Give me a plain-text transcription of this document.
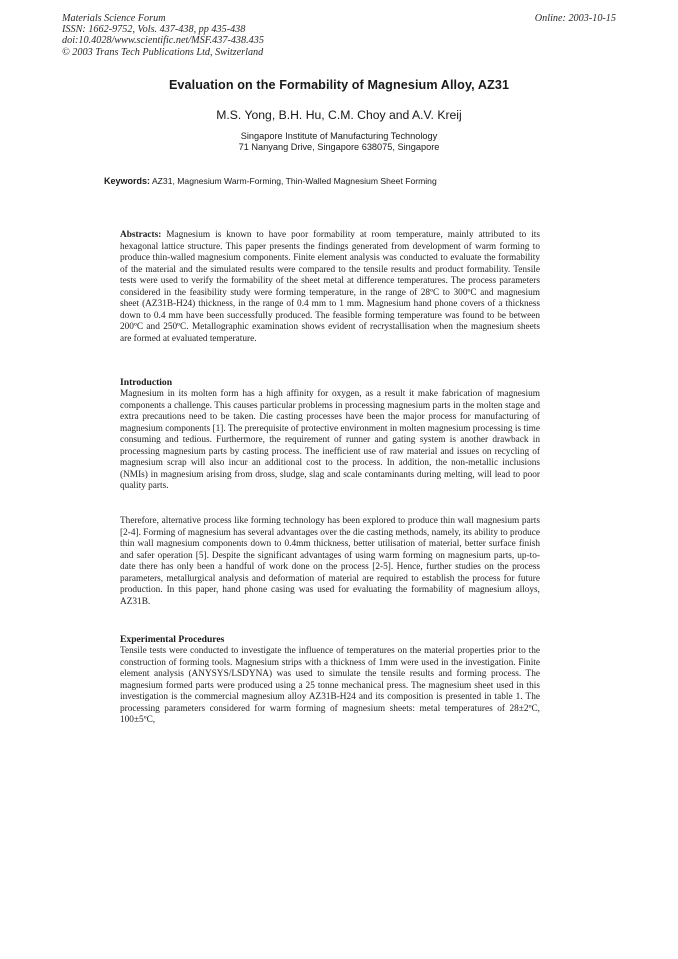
Materials Science Forum
ISSN: 1662-9752, Vols. 437-438, pp 435-438
doi:10.4028/www.scientific.net/MSF.437-438.435
© 2003 Trans Tech Publications Ltd, Switzerland
Online: 2003-10-15
Evaluation on the Formability of Magnesium Alloy, AZ31
M.S. Yong, B.H. Hu, C.M. Choy and A.V. Kreij
Singapore Institute of Manufacturing Technology
71 Nanyang Drive, Singapore 638075, Singapore
Keywords: AZ31, Magnesium Warm-Forming, Thin-Walled Magnesium Sheet Forming

Abstracts: Magnesium is known to have poor formability at room temperature, mainly attributed to its hexagonal lattice structure. This paper presents the findings generated from development of warm forming to produce thin-walled magnesium components. Finite element analysis was conducted to evaluate the formability of the material and the simulated results were compared to the tensile results and product formability. Tensile tests were used to verify the formability of the sheet metal at difference temperatures. The process parameters considered in the feasibility study were forming temperature, in the range of 28ºC to 300ºC and magnesium sheet (AZ31B-H24) thickness, in the range of 0.4 mm to 1 mm. Magnesium hand phone covers of a thickness down to 0.4 mm have been successfully produced. The feasible forming temperature was found to be between 200ºC and 250ºC. Metallographic examination shows evident of recrystallisation when the magnesium sheets are formed at evaluated temperature.

Introduction

Magnesium in its molten form has a high affinity for oxygen, as a result it make fabrication of magnesium components a challenge. This causes particular problems in processing magnesium parts in the molten stage and extra precautions need to be taken. Die casting processes have been the major process for manufacturing of magnesium components [1]. The prerequisite of protective environment in molten magnesium processing is time consuming and tedious. Furthermore, the requirement of runner and gating system is another drawback in processing magnesium parts by casting process. The inefficient use of raw material and issues on recycling of magnesium scrap will also incur an additional cost to the process. In addition, the non-metallic inclusions (NMIs) in magnesium arising from dross, sludge, slag and scale contaminants during melting, will lead to poor quality parts.

Therefore, alternative process like forming technology has been explored to produce thin wall magnesium parts [2-4]. Forming of magnesium has several advantages over the die casting methods, namely, its ability to produce thin wall magnesium components down to 0.4mm thickness, better utilisation of material, better surface finish and safer operation [5]. Despite the significant advantages of using warm forming on magnesium parts, up-to-date there has only been a handful of work done on the process [2-5]. Hence, further studies on the process parameters, metallurgical analysis and deformation of material are required to establish the process for future production. In this paper, hand phone casing was used for evaluating the formability of magnesium alloys, AZ31B.

Experimental Procedures

Tensile tests were conducted to investigate the influence of temperatures on the material properties prior to the construction of forming tools. Magnesium strips with a thickness of 1mm were used in the investigation. Finite element analysis (ANYSYS/LSDYNA) was used to simulate the tensile results and forming process. The magnesium formed parts were produced using a 25 tonne mechanical press. The magnesium sheet used in this investigation is the commercial magnesium alloy AZ31B-H24 and its composition is presented in table 1. The processing parameters considered for warm forming of magnesium sheets: metal temperatures of 28±2ºC, 100±5ºC,
